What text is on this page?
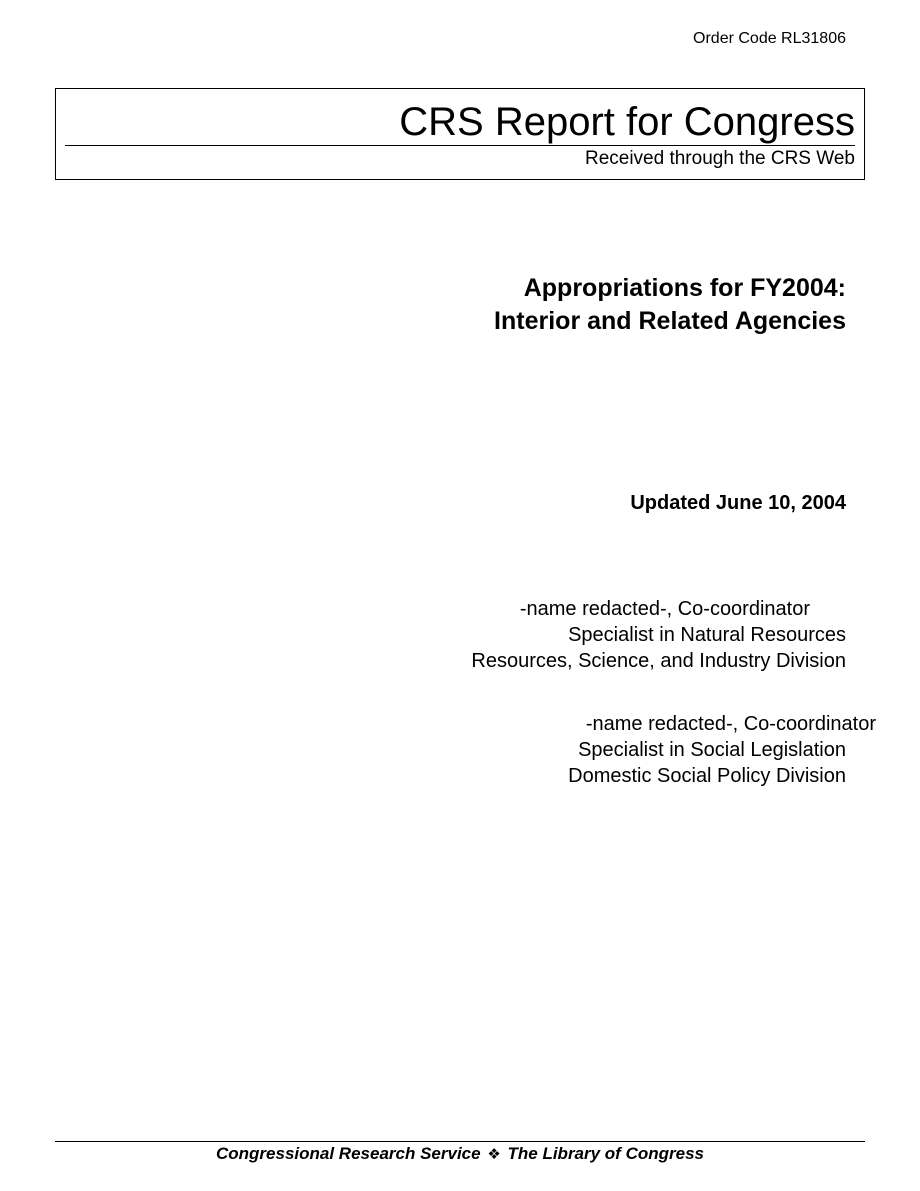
Order Code RL31806
CRS Report for Congress
Received through the CRS Web
Appropriations for FY2004:
Interior and Related Agencies
Updated June 10, 2004
-name redacted-, Co-coordinator
Specialist in Natural Resources
Resources, Science, and Industry Division
-name redacted-, Co-coordinator
Specialist in Social Legislation
Domestic Social Policy Division
Congressional Research Service ❖ The Library of Congress
